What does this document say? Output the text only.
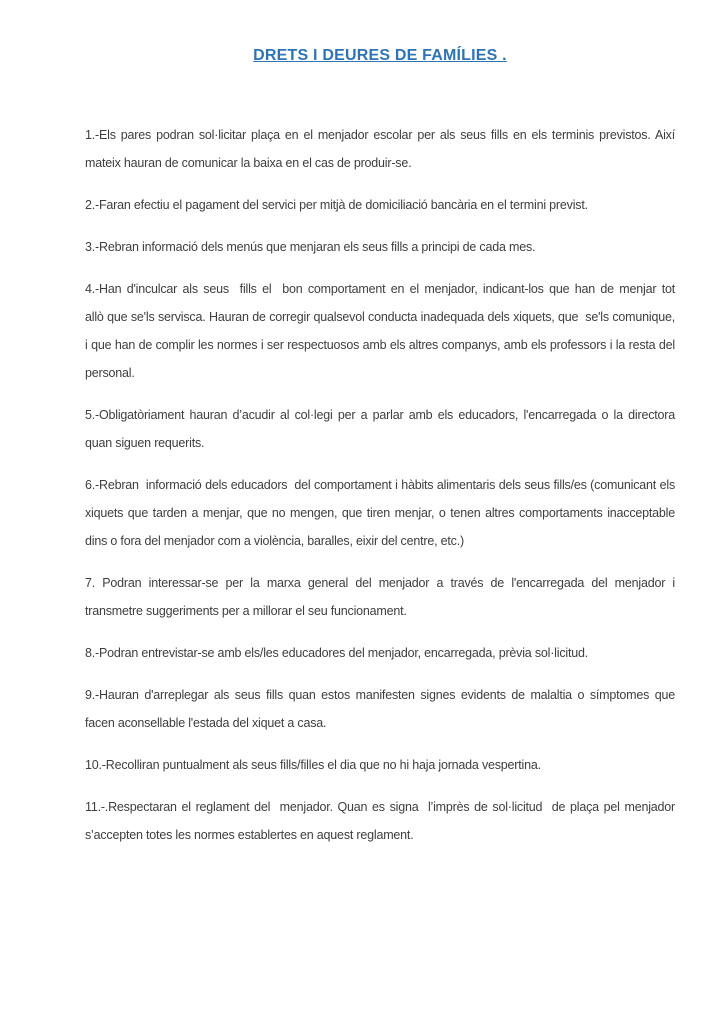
DRETS I DEURES DE FAMÍLIES .

1.-Els pares podran sol·licitar plaça en el menjador escolar per als seus fills en els terminis previstos. Així mateix hauran de comunicar la baixa en el cas de produir-se.

2.-Faran efectiu el pagament del servici per mitjà de domiciliació bancària en el termini previst.

3.-Rebran informació dels menús que menjaran els seus fills a principi de cada mes.

4.-Han d'inculcar als seus  fills el  bon comportament en el menjador, indicant-los que han de menjar tot      allò que se'ls servisca. Hauran de corregir qualsevol conducta inadequada dels xiquets, que  se'ls comunique, i que han de complir les normes i ser respectuosos amb els altres companys, amb els professors i la resta del personal.

5.-Obligatòriament hauran d’acudir al col·legi per a parlar amb els educadors, l'encarregada o la directora quan siguen requerits.

6.-Rebran  informació dels educadors  del comportament i hàbits alimentaris dels seus fills/es (comunicant els xiquets que tarden a menjar, que no mengen, que tiren menjar, o tenen altres comportaments inacceptable dins o fora del menjador com a violència, baralles, eixir del centre, etc.)

7. Podran interessar-se per la marxa general del menjador a través de l'encarregada del menjador i transmetre suggeriments per a millorar el seu funcionament.

8.-Podran entrevistar-se amb els/les educadores del menjador, encarregada, prèvia sol·licitud.

9.-Hauran d'arreplegar als seus fills quan estos manifesten signes evidents de malaltia o símptomes que facen aconsellable l'estada del xiquet a casa.

10.-Recolliran puntualment als seus fills/filles el dia que no hi haja jornada vespertina.

11.-.Respectaran el reglament del  menjador. Quan es signa  l’imprès de sol·licitud  de plaça pel menjador s’accepten totes les normes establertes en aquest reglament.
